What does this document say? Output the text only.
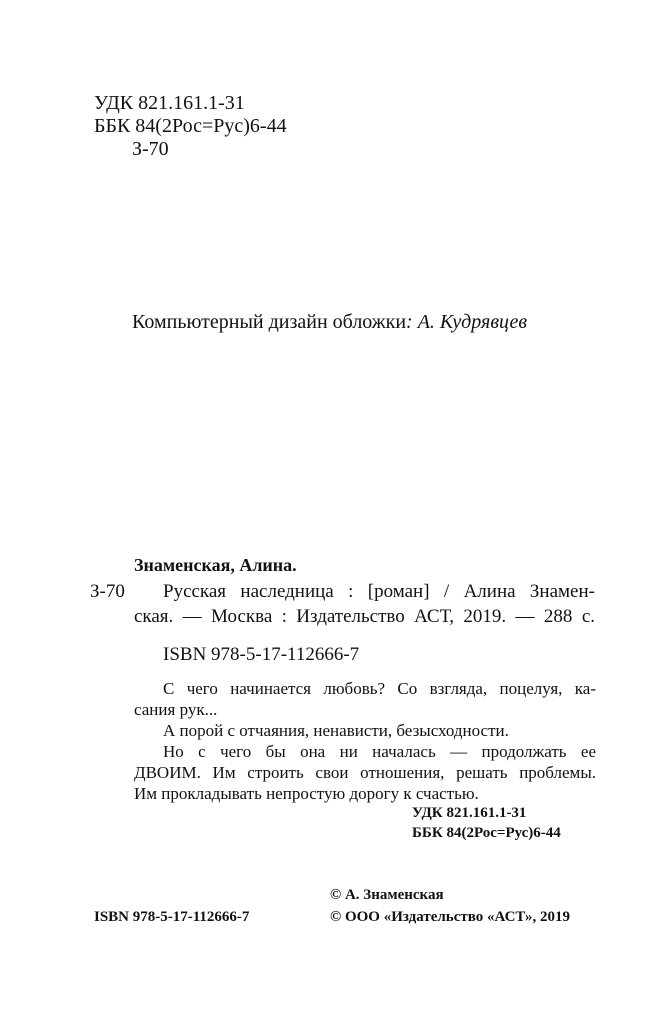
УДК 821.161.1-31
ББК 84(2Рос=Рус)6-44
З-70
Компьютерный дизайн обложки: А. Кудрявцев
Знаменская, Алина.
З-70 Русская наследница : [роман] / Алина Знамен-
ская. — Москва : Издательство АСТ, 2019. — 288 с.
ISBN 978-5-17-112666-7
С чего начинается любовь? Со взгляда, поцелуя, ка-
сания рук...
А порой с отчаяния, ненависти, безысходности.
Но с чего бы она ни началась — продолжать ее
ДВОИМ. Им строить свои отношения, решать проблемы.
Им прокладывать непростую дорогу к счастью.
УДК 821.161.1-31
ББК 84(2Рос=Рус)6-44
© А. Знаменская
ISBN 978-5-17-112666-7	© ООО «Издательство «АСТ», 2019
